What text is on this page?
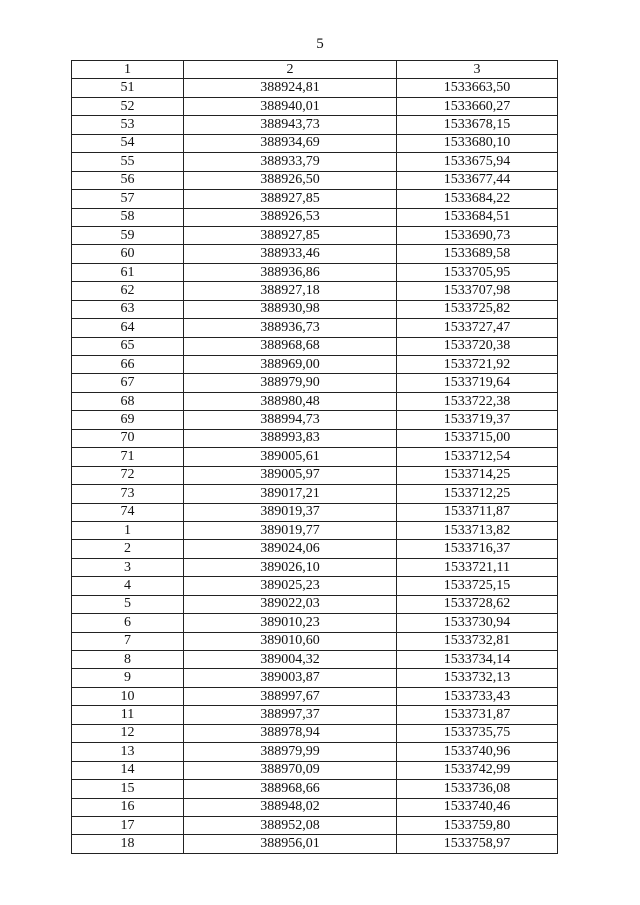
5
1	2	3
51	388924,81	1533663,50
52	388940,01	1533660,27
53	388943,73	1533678,15
54	388934,69	1533680,10
55	388933,79	1533675,94
56	388926,50	1533677,44
57	388927,85	1533684,22
58	388926,53	1533684,51
59	388927,85	1533690,73
60	388933,46	1533689,58
61	388936,86	1533705,95
62	388927,18	1533707,98
63	388930,98	1533725,82
64	388936,73	1533727,47
65	388968,68	1533720,38
66	388969,00	1533721,92
67	388979,90	1533719,64
68	388980,48	1533722,38
69	388994,73	1533719,37
70	388993,83	1533715,00
71	389005,61	1533712,54
72	389005,97	1533714,25
73	389017,21	1533712,25
74	389019,37	1533711,87
1	389019,77	1533713,82
2	389024,06	1533716,37
3	389026,10	1533721,11
4	389025,23	1533725,15
5	389022,03	1533728,62
6	389010,23	1533730,94
7	389010,60	1533732,81
8	389004,32	1533734,14
9	389003,87	1533732,13
10	388997,67	1533733,43
11	388997,37	1533731,87
12	388978,94	1533735,75
13	388979,99	1533740,96
14	388970,09	1533742,99
15	388968,66	1533736,08
16	388948,02	1533740,46
17	388952,08	1533759,80
18	388956,01	1533758,97
